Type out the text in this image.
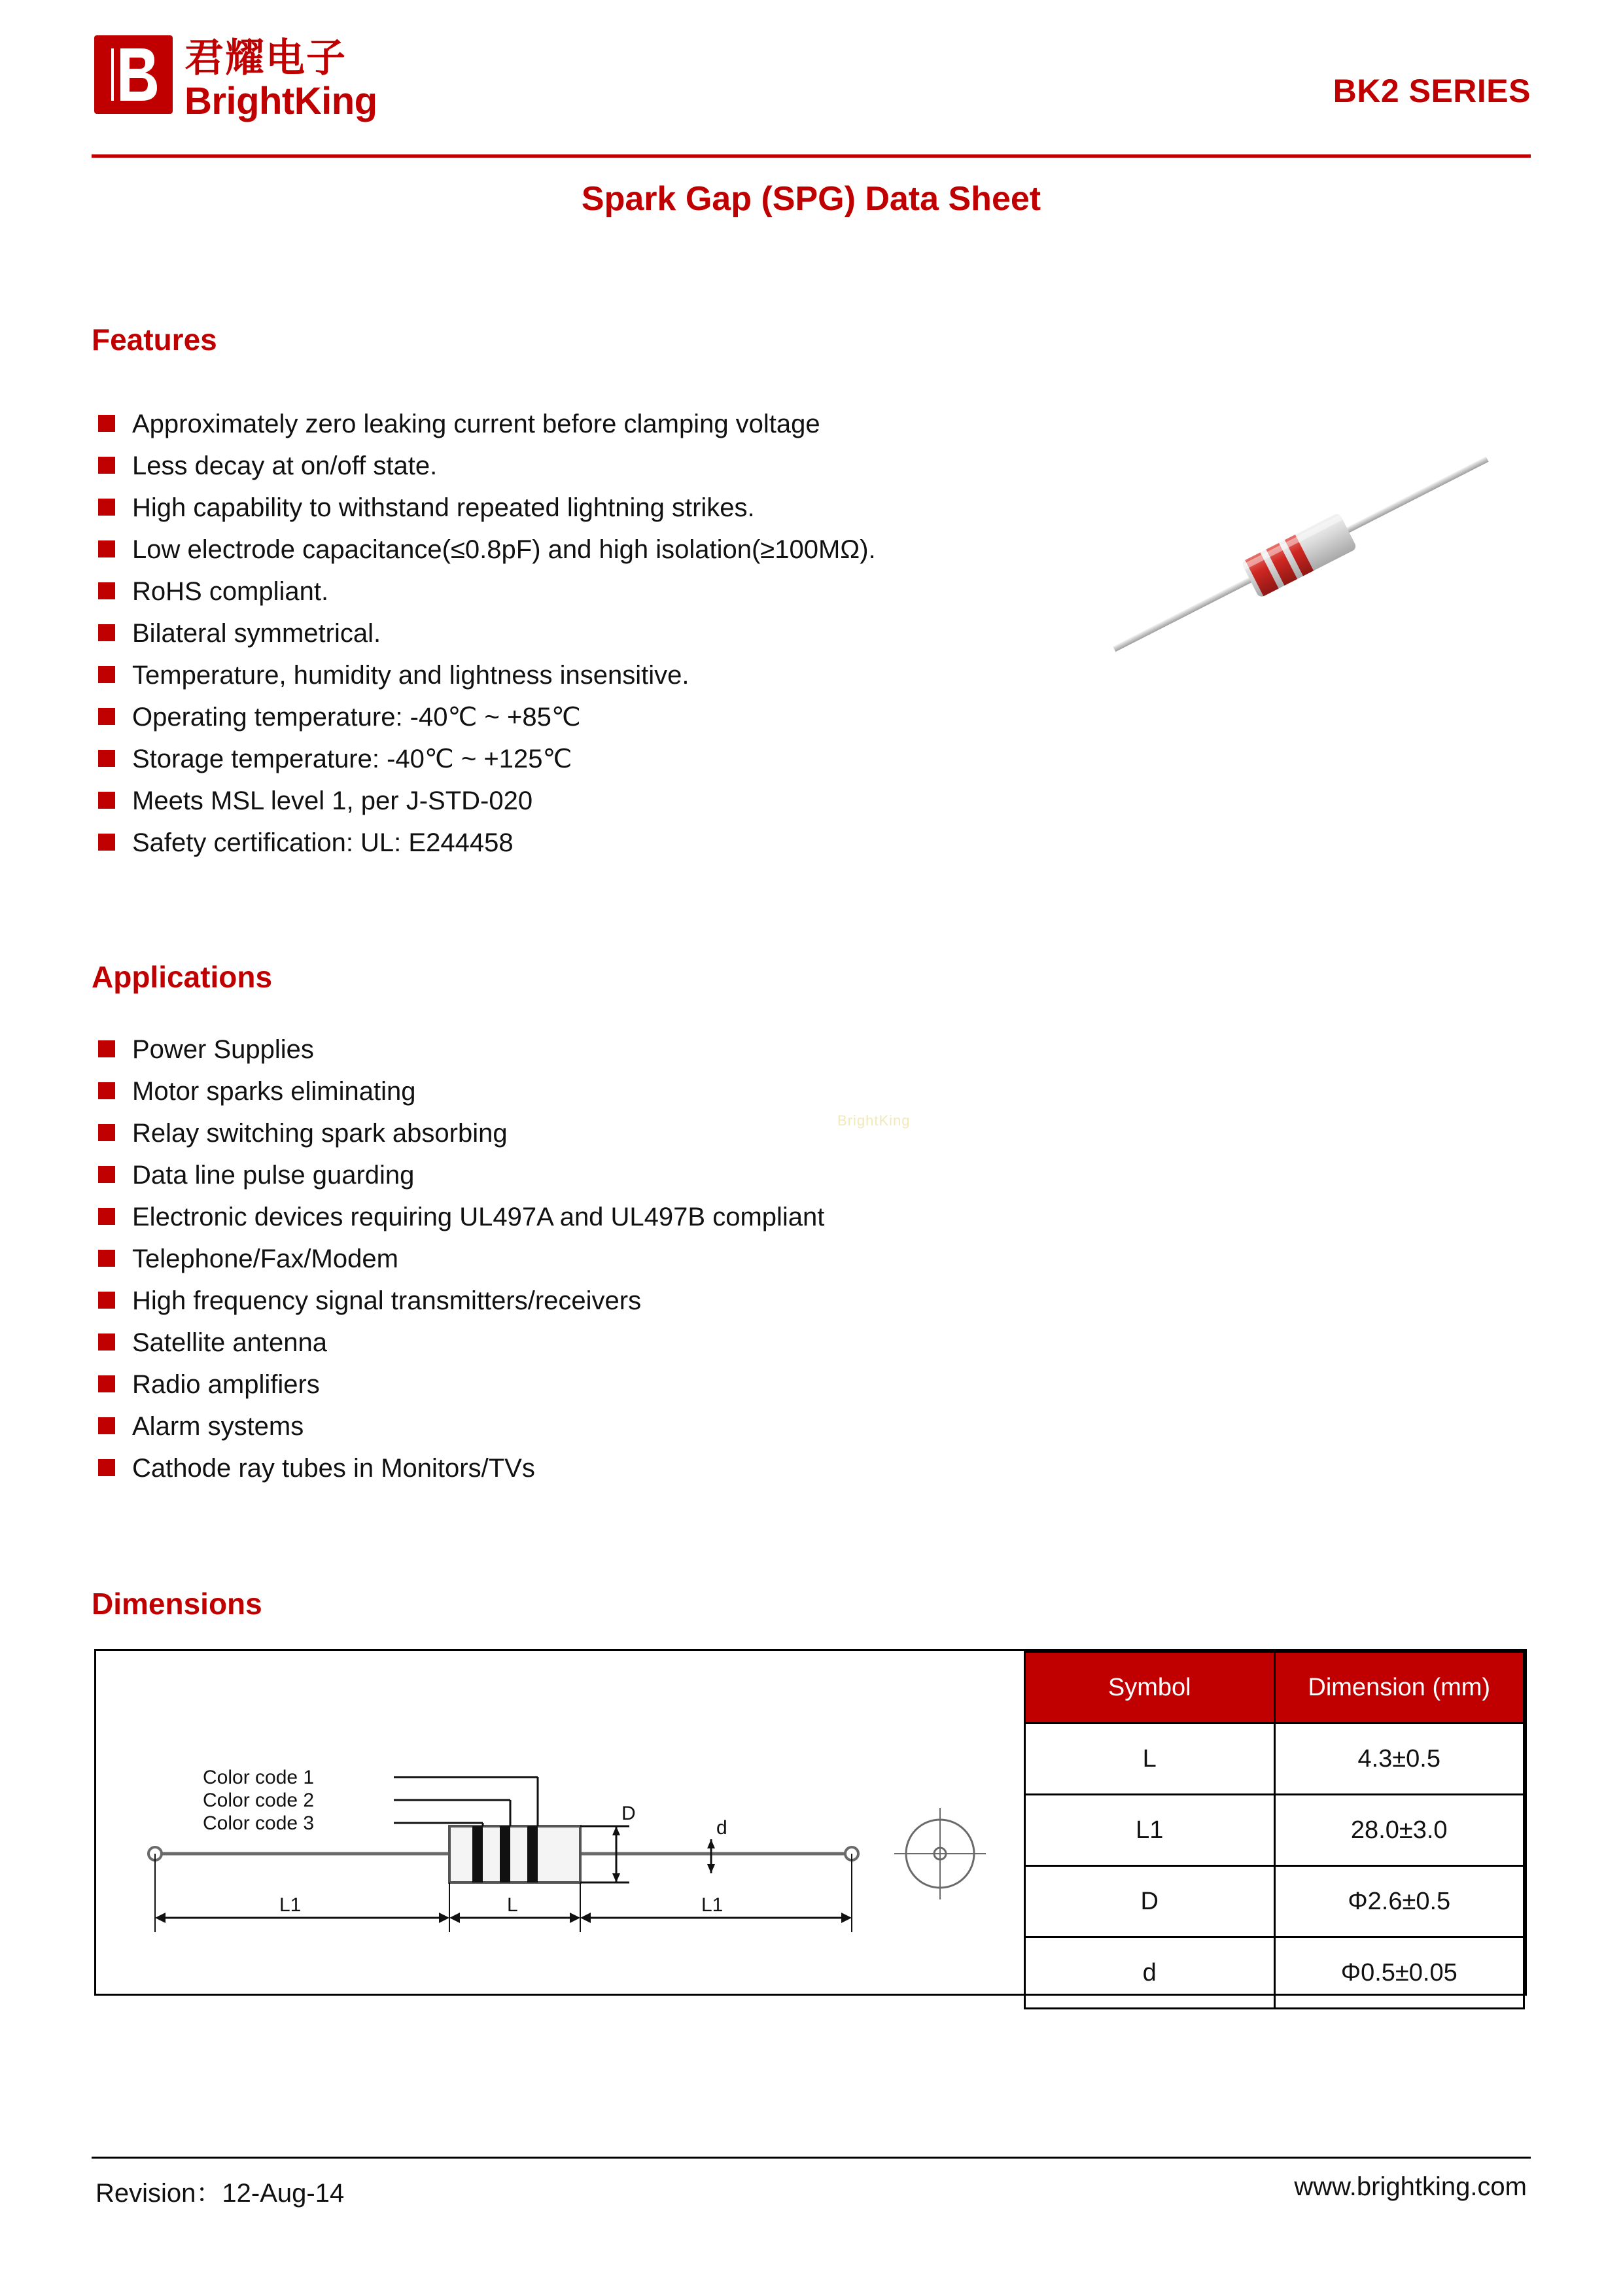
君耀电子
BrightKing	BK2 SERIES
Spark Gap (SPG) Data Sheet
Features
Approximately zero leaking current before clamping voltage
Less decay at on/off state.
High capability to withstand repeated lightning strikes.
Low electrode capacitance(≤0.8pF) and high isolation(≥100MΩ).
RoHS compliant.
Bilateral symmetrical.
Temperature, humidity and lightness insensitive.
Operating temperature: -40℃ ~ +85℃
Storage temperature: -40℃ ~ +125℃
Meets MSL level 1, per J-STD-020
Safety certification: UL: E244458
Applications
Power Supplies
Motor sparks eliminating
Relay switching spark absorbing
Data line pulse guarding
Electronic devices requiring UL497A and UL497B compliant
Telephone/Fax/Modem
High frequency signal transmitters/receivers
Satellite antenna
Radio amplifiers
Alarm systems
Cathode ray tubes in Monitors/TVs
BrightKing
Dimensions
Color code 1
Color code 2
Color code 3	D
d
L1	L	L1
Symbol	Dimension (mm)
L	4.3±0.5
L1	28.0±3.0
D	Φ2.6±0.5
d	Φ0.5±0.05
Revision：12-Aug-14	www.brightking.com
